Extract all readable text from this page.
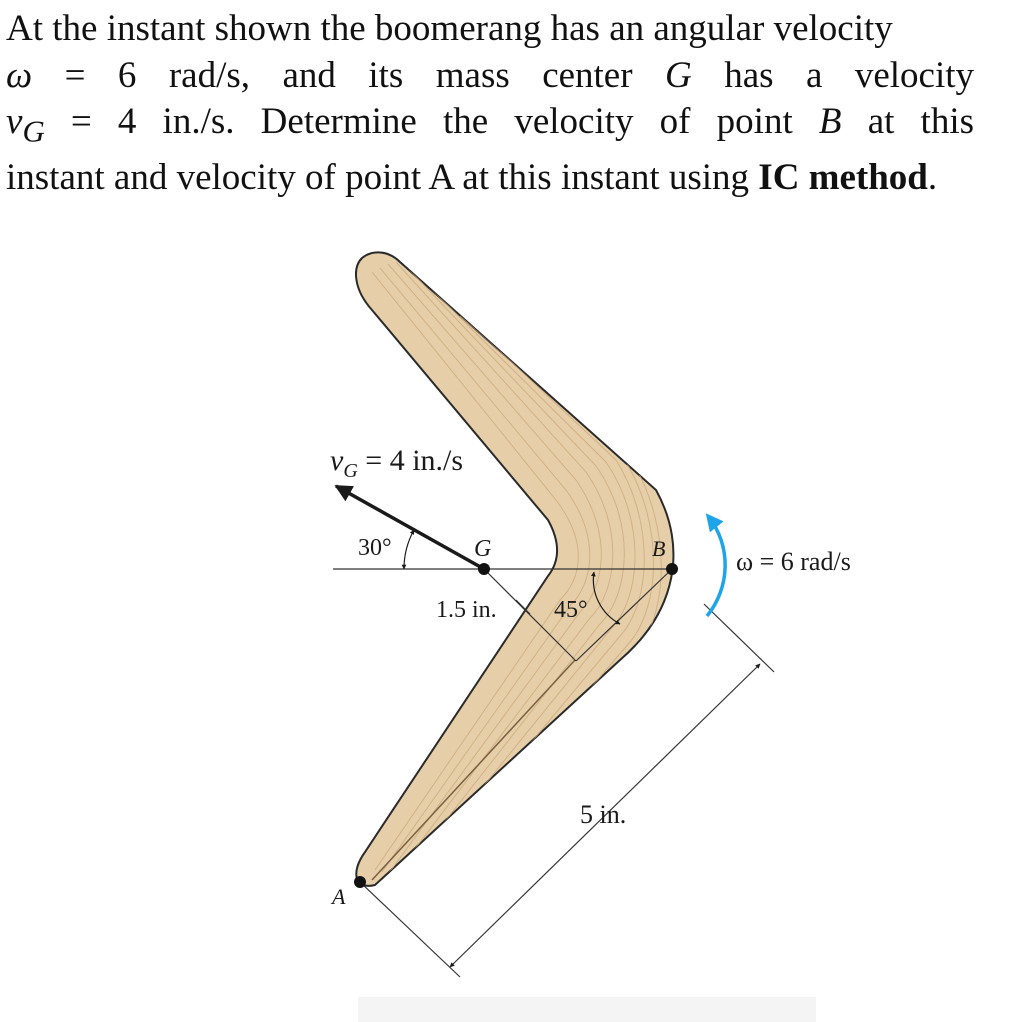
At the instant shown the boomerang has an angular velocity

ω = 6 rad/s, and its mass center G has a velocity

$v_G = 4$ in./s. Determine the velocity of point B at this

instant and velocity of point A at this instant using IC method.

$v_G = 4$ in./s
30°	G	B
A
1.5 in. 45°
ω = 6 rad/s
5 in.
